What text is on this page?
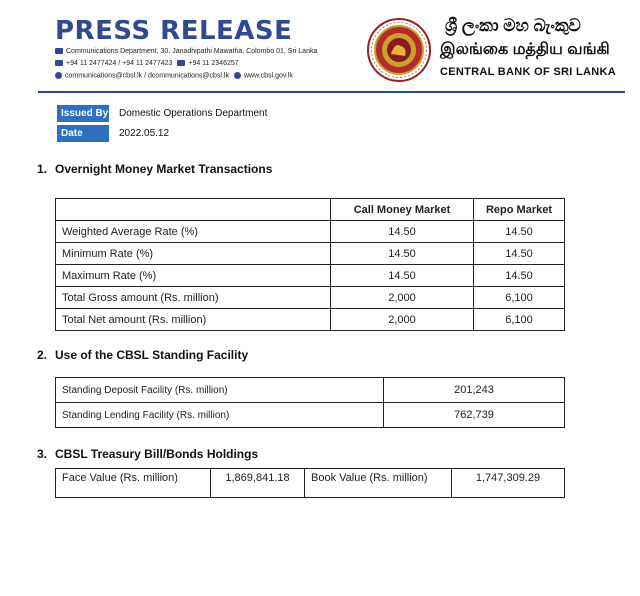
PRESS RELEASE
Communications Department, 30, Janadhipathi Mawatha, Colombo 01, Sri Lanka
+94 11 2477424 / +94 11 2477423 +94 11 2346257
communications@cbsl.lk / dcommunications@cbsl.lk www.cbsl.gov.lk
ශ්‍රී ලංකා මහ බැංකුව
இலங்கை மத்திய வங்கி
CENTRAL BANK OF SRI LANKA
Issued By Domestic Operations Department
Date	2022.05.12
1. Overnight Money Market Transactions
	Call Money Market	Repo Market
Weighted Average Rate (%)	14.50	14.50
Minimum Rate (%)	14.50	14.50
Maximum Rate (%)	14.50	14.50
Total Gross amount (Rs. million)	2,000	6,100
Total Net amount (Rs. million)	2,000	6,100
2. Use of the CBSL Standing Facility
Standing Deposit Facility (Rs. million)	201,243
Standing Lending Facility (Rs. million)	762,739
3. CBSL Treasury Bill/Bonds Holdings
Face Value (Rs. million)	1,869,841.18	Book Value (Rs. million)	1,747,309.29
